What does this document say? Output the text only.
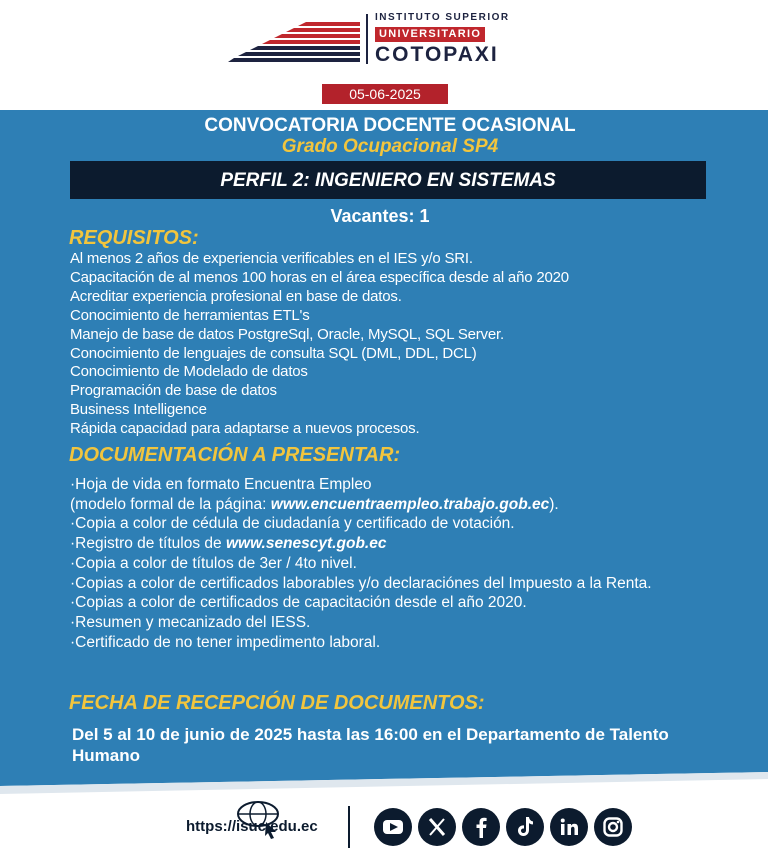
INSTITUTO SUPERIOR
UNIVERSITARIO
COTOPAXI
05-06-2025
CONVOCATORIA DOCENTE OCASIONAL
Grado Ocupacional SP4
PERFIL 2: INGENIERO EN SISTEMAS
Vacantes: 1
REQUISITOS:
Al menos 2 años de experiencia verificables en el IES y/o SRI.
Capacitación de al menos 100 horas en el área específica desde al año 2020
Acreditar experiencia profesional en base de datos.
Conocimiento de herramientas ETL's
Manejo de base de datos PostgreSql, Oracle, MySQL, SQL Server.
Conocimiento de lenguajes de consulta SQL (DML, DDL, DCL)
Conocimiento de Modelado de datos
Programación de base de datos
Business Intelligence
Rápida capacidad para adaptarse a nuevos procesos.
DOCUMENTACIÓN A PRESENTAR:
·Hoja de vida en formato Encuentra Empleo
(modelo formal de la página: www.encuentraempleo.trabajo.gob.ec).
·Copia a color de cédula de ciudadanía y certificado de votación.
·Registro de títulos de www.senescyt.gob.ec
·Copia a color de títulos de 3er / 4to nivel.
·Copias a color de certificados laborables y/o declaraciónes del Impuesto a la Renta.
·Copias a color de certificados de capacitación desde el año 2020.
·Resumen y mecanizado del IESS.
·Certificado de no tener impedimento laboral.
FECHA DE RECEPCIÓN DE DOCUMENTOS:
Del 5 al 10 de junio de 2025 hasta las 16:00 en el Departamento de Talento Humano
https://isuc.edu.ec
